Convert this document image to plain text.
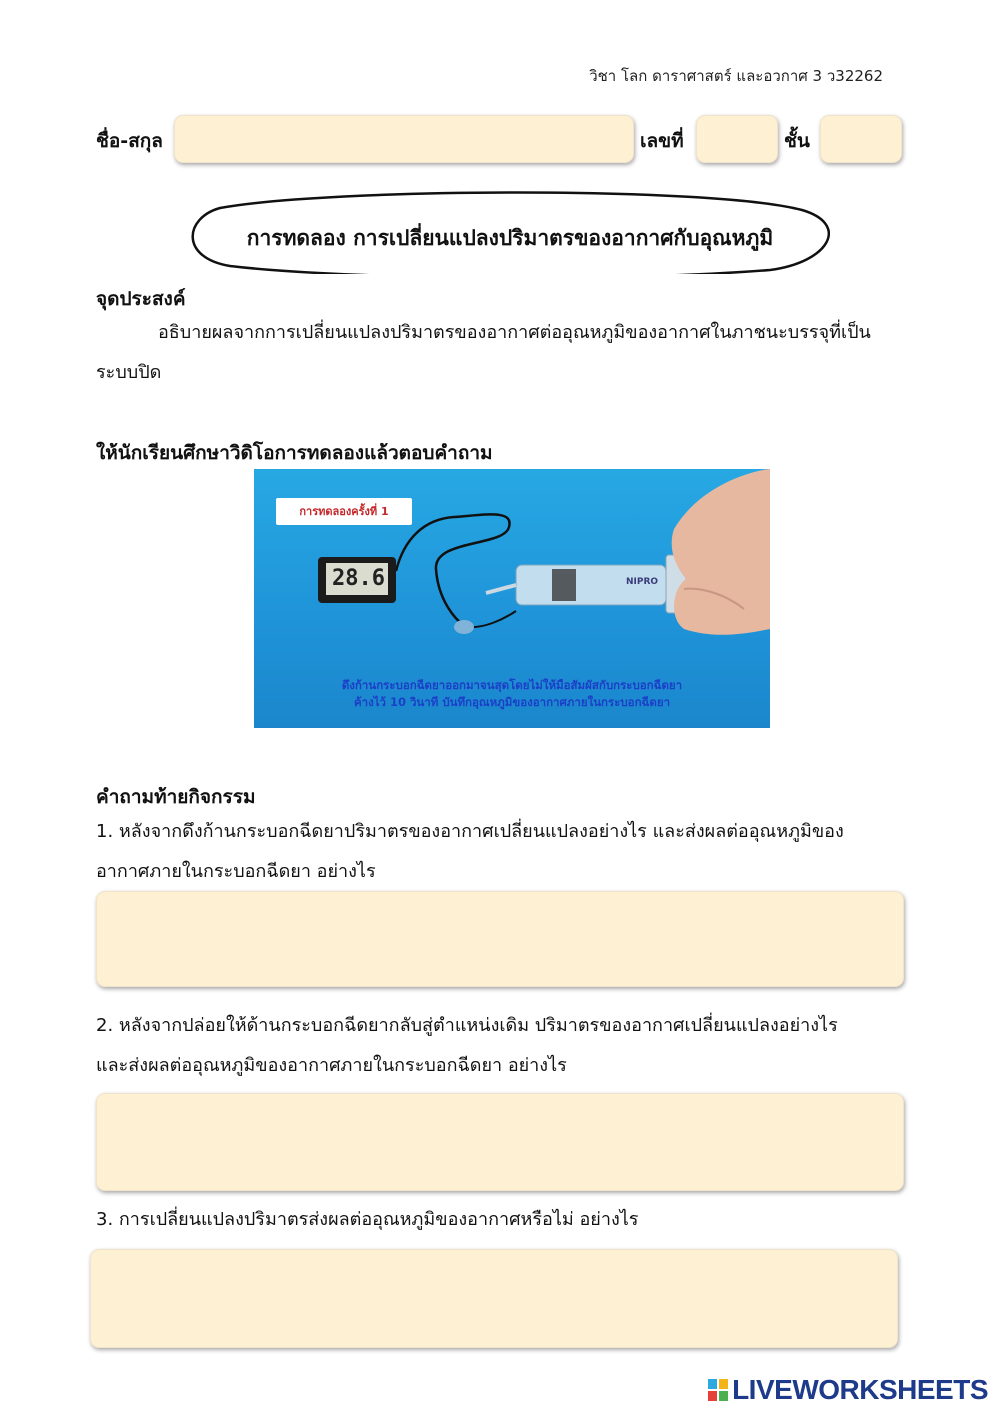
วิชา โลก ดาราศาสตร์ และอวกาศ 3 ว32262
ชื่อ-สกุล	เลขที่	ชั้น
การทดลอง การเปลี่ยนแปลงปริมาตรของอากาศกับอุณหภูมิ
จุดประสงค์
อธิบายผลจากการเปลี่ยนแปลงปริมาตรของอากาศต่ออุณหภูมิของอากาศในภาชนะบรรจุที่เป็น
ระบบปิด
ให้นักเรียนศึกษาวิดิโอการทดลองแล้วตอบคำถาม
การทดลองครั้งที่ 1
28.6	NIPRO
ดึงก้านกระบอกฉีดยาออกมาจนสุดโดยไม่ให้มือสัมผัสกับกระบอกฉีดยา
ค้างไว้ 10 วินาที บันทึกอุณหภูมิของอากาศภายในกระบอกฉีดยา
คำถามท้ายกิจกรรม
1. หลังจากดึงก้านกระบอกฉีดยาปริมาตรของอากาศเปลี่ยนแปลงอย่างไร และส่งผลต่ออุณหภูมิของ
อากาศภายในกระบอกฉีดยา อย่างไร
2. หลังจากปล่อยให้ด้านกระบอกฉีดยากลับสู่ตำแหน่งเดิม ปริมาตรของอากาศเปลี่ยนแปลงอย่างไร
และส่งผลต่ออุณหภูมิของอากาศภายในกระบอกฉีดยา อย่างไร
3. การเปลี่ยนแปลงปริมาตรส่งผลต่ออุณหภูมิของอากาศหรือไม่ อย่างไร
LIVEWORKSHEETS
